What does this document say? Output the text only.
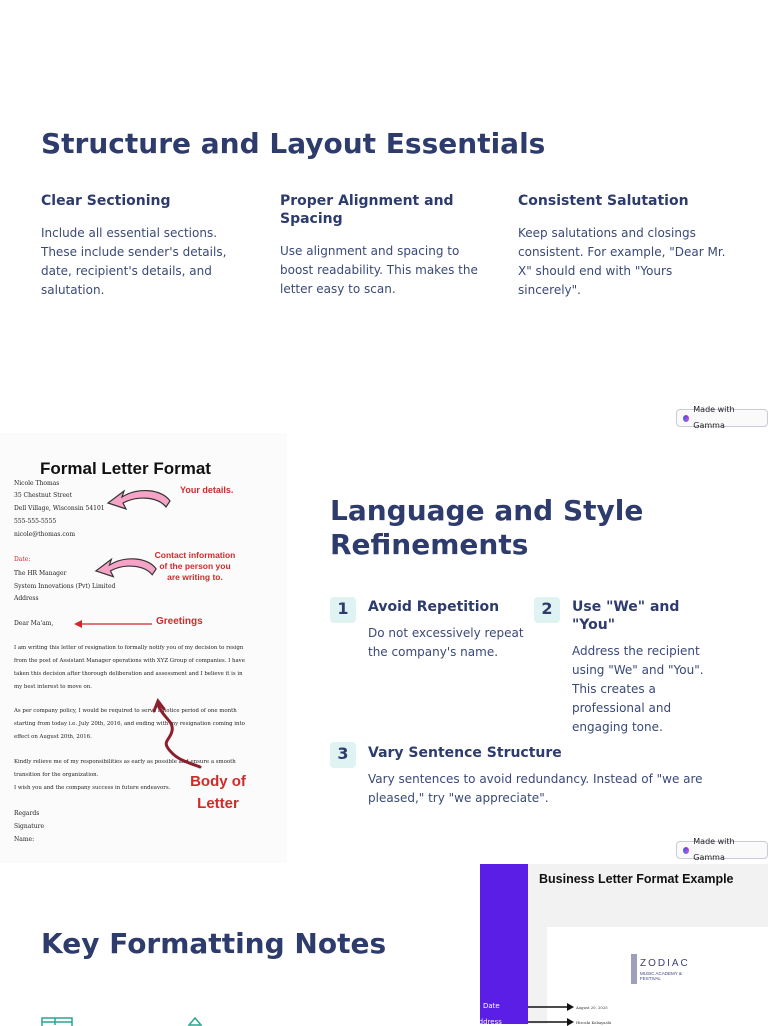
Structure and Layout Essentials
Clear Sectioning

Include all essential sections. These include sender's details, date, recipient's details, and salutation.

Proper Alignment and Spacing

Use alignment and spacing to boost readability. This makes the letter easy to scan.

Consistent Salutation

Keep salutations and closings consistent. For example, "Dear Mr. X" should end with "Yours sincerely".

Made with Gamma
Formal Letter Format
Nicole Thomas
35 Chestnut Street
Dell Village, Wisconsin 54101
555-555-5555
nicole@thomas.com
Date:
The HR Manager
System Innovations (Pvt) Limited
Address
Dear Ma'am,
I am writing this letter of resignation to formally notify you of my decision to resign
from the post of Assistant Manager operations with XYZ Group of companies. I have
taken this decision after thorough deliberation and assessment and I believe it is in
my best interest to move on.
As per company policy, I would be required to serve a notice period of one month
starting from today i.e. July 20th, 2016, and ending with my resignation coming into
effect on August 20th, 2016.
Kindly relieve me of my responsibilities as early as possible and ensure a smooth
transition for the organization.
I wish you and the company success in future endeavors.
Regards
Signature
Name:
Your details.
Contact information of the person you are writing to.
Greetings
Body of Letter
Language and Style Refinements
1	Avoid Repetition

Do not excessively repeat the company's name.

2	Use "We" and "You"

Address the recipient using "We" and "You". This creates a professional and engaging tone.

3	Vary Sentence Structure

Vary sentences to avoid redundancy. Instead of "we are pleased," try "we appreciate".

Made with Gamma
Key Formatting Notes
Business Letter Format Example
ZODIAC
MUSIC ACADEMY & FESTIVAL
Date	August 20, 2025
Address	Hiroshi Kobayashi
